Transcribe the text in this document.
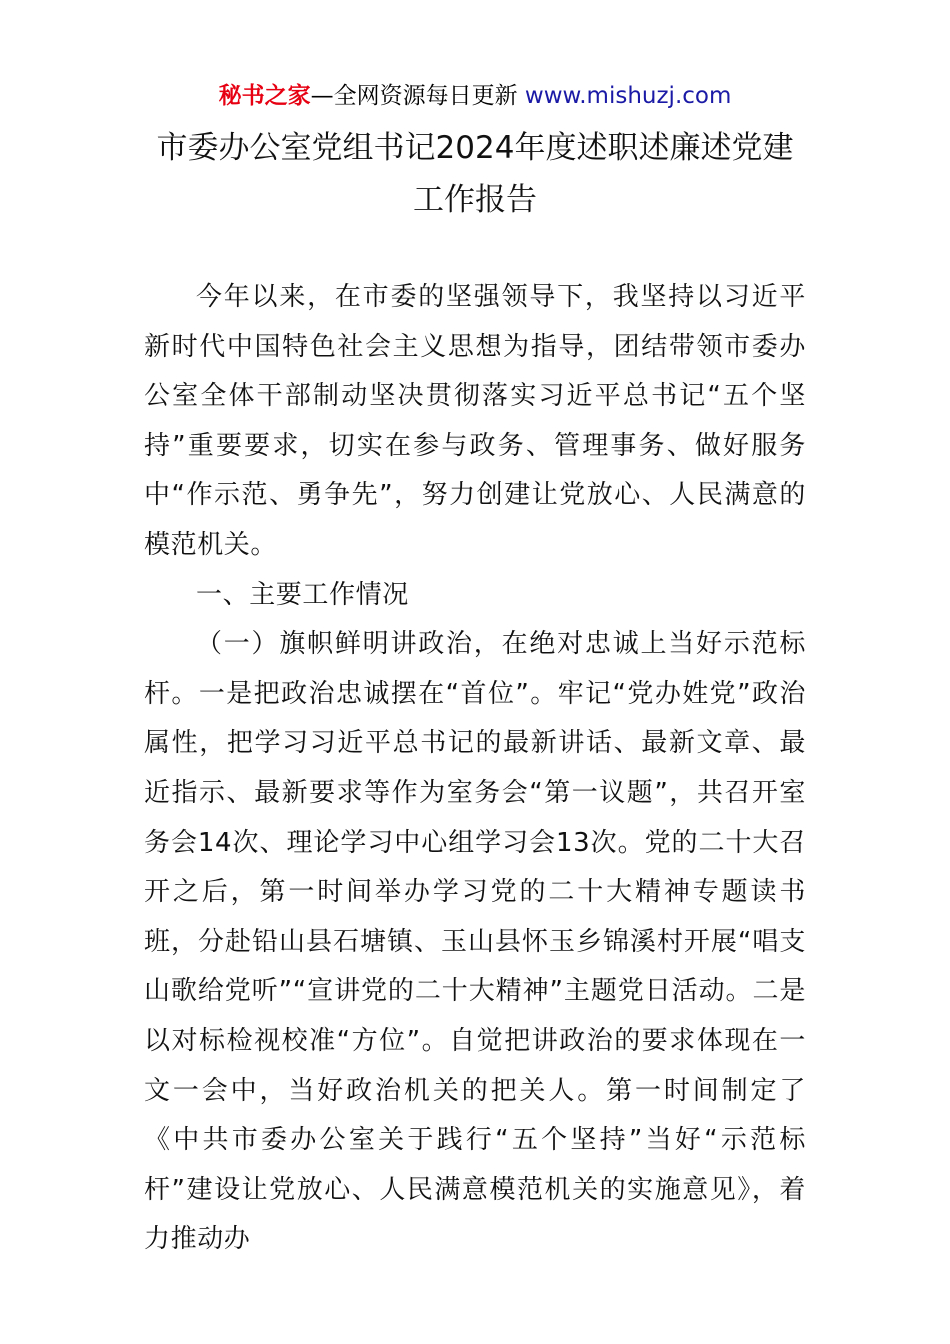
秘书之家—全网资源每日更新 www.mishuzj.com
市委办公室党组书记2024年度述职述廉述党建
工作报告

今年以来，在市委的坚强领导下，我坚持以习近平新时代中国特色社会主义思想为指导，团结带领市委办公室全体干部制动坚决贯彻落实习近平总书记“五个坚持”重要要求，切实在参与政务、管理事务、做好服务中“作示范、勇争先”，努力创建让党放心、人民满意的模范机关。

一、主要工作情况

（一）旗帜鲜明讲政治，在绝对忠诚上当好示范标杆。一是把政治忠诚摆在“首位”。牢记“党办姓党”政治属性，把学习习近平总书记的最新讲话、最新文章、最近指示、最新要求等作为室务会“第一议题”，共召开室务会14次、理论学习中心组学习会13次。党的二十大召开之后，第一时间举办学习党的二十大精神专题读书班，分赴铅山县石塘镇、玉山县怀玉乡锦溪村开展“唱支山歌给党听”“宣讲党的二十大精神”主题党日活动。二是以对标检视校准“方位”。自觉把讲政治的要求体现在一文一会中，当好政治机关的把关人。第一时间制定了《中共市委办公室关于践行“五个坚持”当好“示范标杆”建设让党放心、人民满意模范机关的实施意见》，着力推动办
